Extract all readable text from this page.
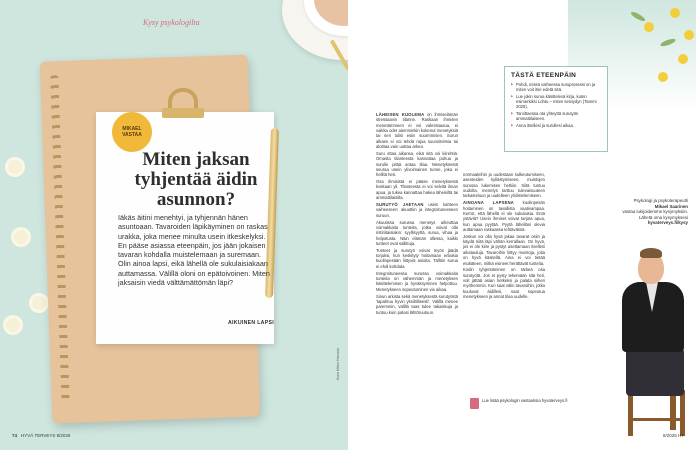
Kysy psykologilta
MIKAEL
VASTAA
Miten jaksan tyhjentää äidin asunnon?

Iäkäs äitini menehtyi, ja tyhjennän hänen asuntoaan. Tavaroiden läpikäyminen on raskas urakka, joka menee minulta usein itkeskelyksi. En pääse asiassa eteenpäin, jos jään jokaisen tavaran kohdalla muistelemaan ja suremaan. Olin ainoa lapsi, eikä lähellä ole sukulaisiakaan auttamassa. Välillä oloni on epätoivoinen. Miten jaksaisin viedä välttämättömän läpi?

AIKUINEN LAPSI
Kuva Mikko Hannula
74 HYVÄ TERVEYS 8/2025

LÄHEISEN KUOLEMA on ihmiselämän stressaavin tilanne. Raskaan ihmisen menetämmeen ei voi valmistautua, ei vaikka odet aiemminkin kokenut menetyksiä tai sen tulisi esiin suurmmisen. Surun alkaen ei voi tehdä rajua suunnitelmia tai aloittaa vain uuttaa arkea.

Suru ottaa aikansa, eikä sitä voi kiirehtiä. Omasta tilanteesta kannattaa puhua ja surulle pitää antaa tilaa. Menetyksestä seuraa usein ylivoimainen tunne, joka ei hellitä heti.

Osa ihmisistä ei pääse menetyksestä koskaan yli. Tilanteesta ei voi selvitä ilman apua, ja tukea kannattaa hakea läheisiltä tai ammattilaisilta.

SURUTYÖ JAETAAN usein kahteen vaiheeseen: akuuttiin ja integroituneeseen suruun.

Akuutissa surussa menetys aiheuttaa voimakkaita tunteita, jotka voivat olla ristiriitaisiakin: syyllisyyttä, surua, vihaa ja helpotusta. Näin elämän ollessa, kaikki tunteet ovat sallittuja.

Tunteet ja surutyö voivat myös jäädä torjuksi, kun keskityty hoitamaan erilaisia kuolinpesään liittyviä asioita. Tällöin surua ei ehdi kohdata.

Integroituneessa surussa voimakkaita tunteita on vähemmän ja menetyksen käsittelemisen ja hyväksyminen helpottuu. Menetykseen sopeutuminen vie aikaa.

Sinun arkista sekä menetyksestä surutyöstä 'tapahtuu hyvin yksilöllisesti'. Välillä menee paremmin, välillä taas tulee takaiskuja ja tuntuu kuin palasi lähtöruutuun.

normaaleihin ja uudestaan sulkeutumiseen, asenteiden kyllästymiseen, muistojen surussa lukemisen hetkiin. Siitä tuntuu oudolta, menetys tarttuu tulevaisuuteen tarkasteluun ja uudelleen yhdistelemiseen.

AINOANA LAPSENA kuolinpesän hoitaminen on tavallista vaativampaa. Kerrot, että lähellä ei ole sukulaisia. Entä ystäviä? Usein ihmiset voivat tarjota apua, kun apua pyytää. Pyytä lähelläsi olevia auttamaan raskaassa tehtävässä.

Joskus voi olla hyvä jakaa tavarat osiin ja käydä niitä läpi vähän kerrallaan. On hyvä, jos ei ole kiire ja pystyt asettamaan itsellesi aikatauluja. Tavaroihin liittyy muistoja, joita on hyvä käsitellä. Aina ei voi tietää etukäteen, mitkä esineet herättävät tunteita.

Kodin tyhjentäminen on tärkeä osa surutyötä. Jos et pysty tekemään sitä heti, voit jättää asian hetkeksi ja palata siihen myöhemmin. Kun saat välin tavaroihin, jotka kuuluvat äidillesi, saat sopeutua menetykseen ja annat tilaa uudelle.

TÄSTÄ ETEENPÄIN
▶ Pohdi, missä vaiheessa suruprosessi on ja miten voit itse edetä sitä.
▶ Lue jokin surua käsittelevä kirja, kuten esimerkiksi Lohtu – miten selviydyn (Tammi 2025).
▶ Tarvittaessa ota yhteyttä surutyön ammattilaiseen.
▶ Anna itsellesi ja surullesi aikaa.
Psykologi ja psykoterapeutti
Mikael Saarinen
vastaa lukijoidemme kysymyksiin. Lähetä oma kysymyksesi
hyvaterveys.fi/kysy
Lue lisää psykologin vastauksia hyvaterveys.fi
8/2025 HT
